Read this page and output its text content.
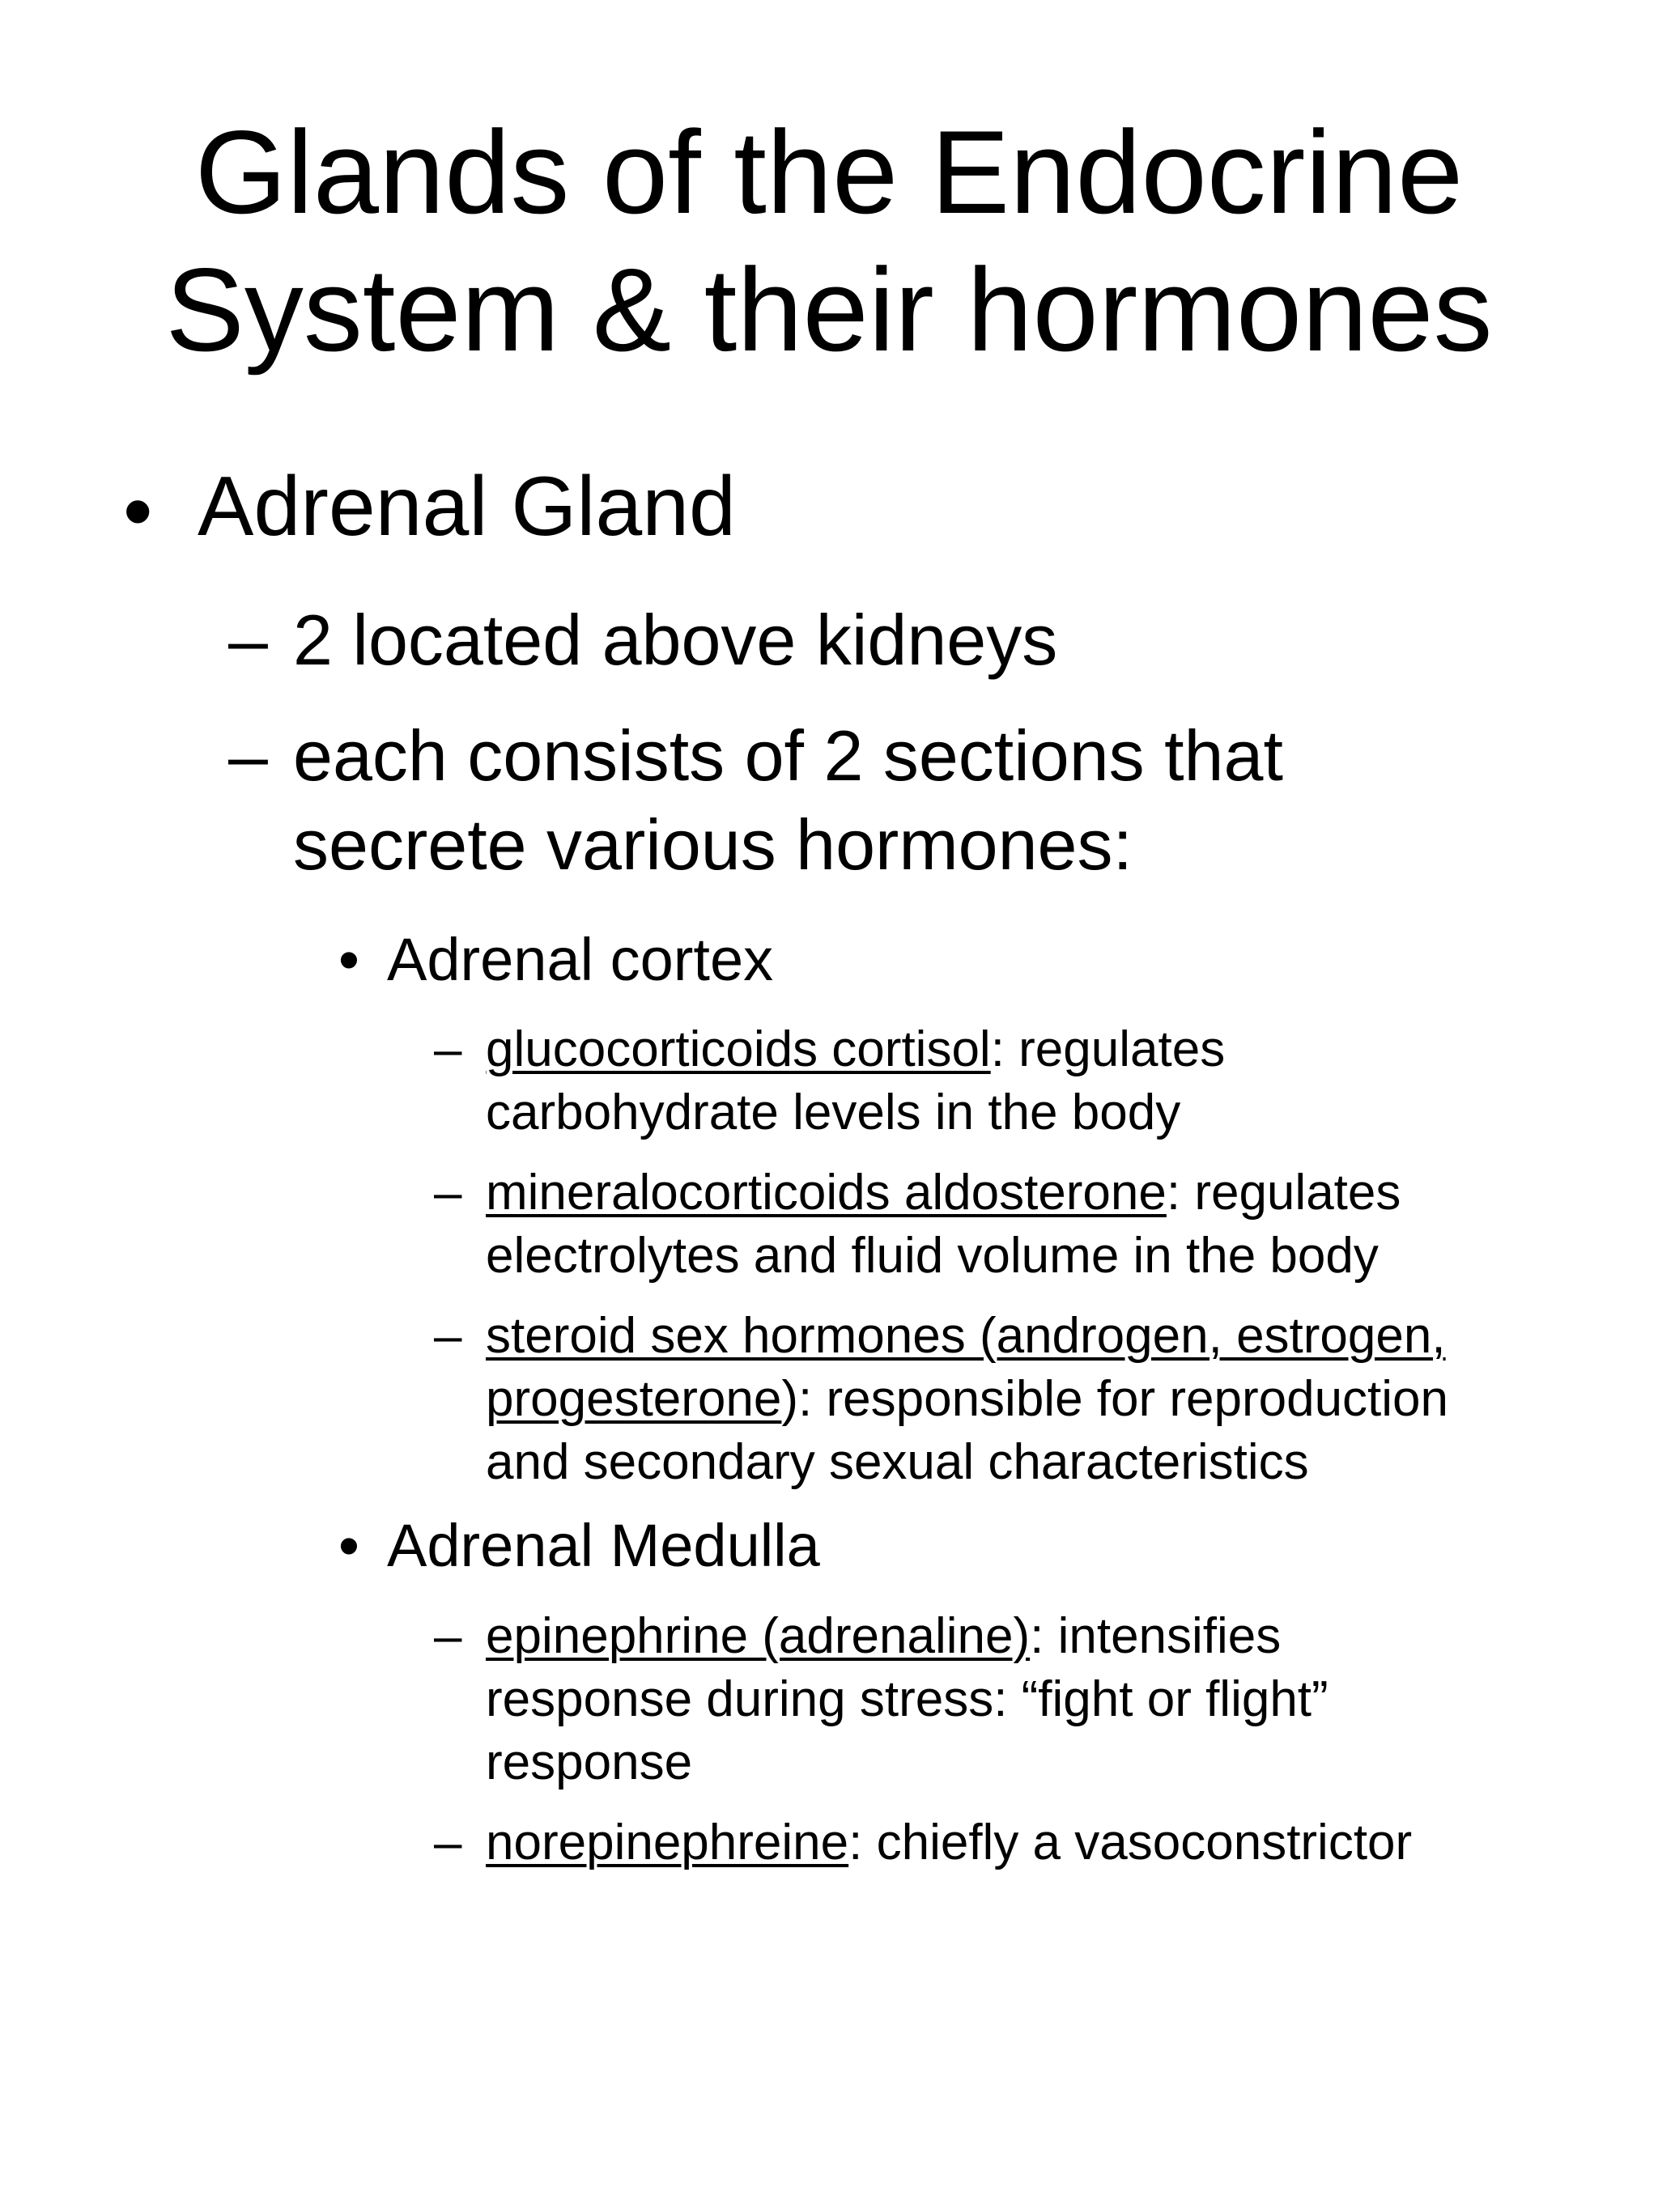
Glands of the Endocrine
System & their hormones
• Adrenal Gland
– 2 located above kidneys
– each consists of 2 sections that
secrete various hormones:
• Adrenal cortex
– glucocorticoids cortisol: regulates
carbohydrate levels in the body
– mineralocorticoids aldosterone: regulates
electrolytes and fluid volume in the body
– steroid sex hormones (androgen, estrogen,
progesterone): responsible for reproduction
and secondary sexual characteristics
• Adrenal Medulla
– epinephrine (adrenaline): intensifies
response during stress: “fight or flight”
response
– norepinephreine: chiefly a vasoconstrictor
